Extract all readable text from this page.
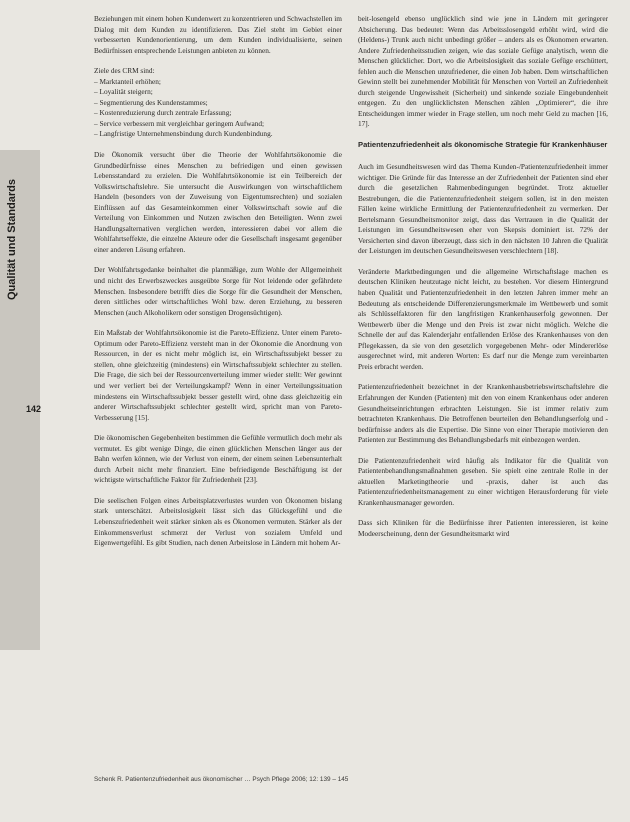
Qualität und Standards
142

Beziehungen mit einem hohen Kundenwert zu konzentrieren und Schwachstellen im Dialog mit dem Kunden zu identifizieren. Das Ziel steht im Gebiet einer verbesserten Kundenorientierung, um dem Kunden individualisierte, seinen Bedürfnissen entsprechende Leistungen anbieten zu können.

Ziele des CRM sind:

– Marktanteil erhöhen;
– Loyalität steigern;
– Segmentierung des Kundenstammes;
– Kostenreduzierung durch zentrale Erfassung;
– Service verbessern mit vergleichbar geringem Aufwand;
– Langfristige Unternehmensbindung durch Kundenbindung.

Die Ökonomik versucht über die Theorie der Wohlfahrtsökonomie die Grundbedürfnisse eines Menschen zu befriedigen und einen gewissen Lebensstandard zu erzielen. Die Wohlfahrtsökonomie ist ein Teilbereich der Volkswirtschaftslehre. Sie untersucht die Auswirkungen von wirtschaftlichem Handeln (besonders von der Zuweisung von Eigentumsrechten) und sozialen Einflüssen auf das Gesamteinkommen einer Volkswirtschaft sowie auf die Verteilung von Einkommen und Nutzen zwischen den Beteiligten. Wenn zwei Handlungsalternativen verglichen werden, interessieren dabei vor allem die Wohlfahrtseffekte, die einzelne Akteure oder die Gesellschaft insgesamt gegenüber einer anderen Lösung erfahren.

Der Wohlfahrtsgedanke beinhaltet die planmäßige, zum Wohle der Allgemeinheit und nicht des Erwerbszweckes ausgeübte Sorge für Not leidende oder gefährdete Menschen. Insbesondere betrifft dies die Sorge für die Gesundheit der Menschen, deren sittliches oder wirtschaftliches Wohl bzw. deren Erziehung, zu besseren Menschen (auch Alkoholikern oder sonstigen Drogensüchtigen).

Ein Maßstab der Wohlfahrtsökonomie ist die Pareto-Effizienz. Unter einem Pareto-Optimum oder Pareto-Effizienz versteht man in der Ökonomie die Anordnung von Ressourcen, in der es nicht mehr möglich ist, ein Wirtschaftssubjekt besser zu stellen, ohne gleichzeitig (mindestens) ein Wirtschaftssubjekt schlechter zu stellen. Die Frage, die sich bei der Ressourcenverteilung immer wieder stellt: Wer gewinnt und wer verliert bei der Verteilungskampf? Wenn in einer Verteilungssituation mindestens ein Wirtschaftssubjekt besser gestellt wird, ohne dass gleichzeitig ein anderer Wirtschaftssubjekt schlechter gestellt wird, spricht man von Pareto-Verbesserung [15].

Die ökonomischen Gegebenheiten bestimmen die Gefühle vermutlich doch mehr als vermutet. Es gibt wenige Dinge, die einen glücklichen Menschen länger aus der Bahn werfen können, wie der Verlust von einem, der einem seinen Lebensunterhalt durch Arbeit nicht mehr finanziert. Eine befriedigende Beschäftigung ist der wichtigste wirtschaftliche Faktor für Zufriedenheit [23].

Die seelischen Folgen eines Arbeitsplatzverlustes wurden von Ökonomen bislang stark unterschätzt. Arbeitslosigkeit lässt sich das Glücksgefühl und die Lebenszufriedenheit weit stärker sinken als es Ökonomen vermuten. Stärker als der Einkommensverlust schmerzt der Verlust von sozialem Umfeld und Eigenwertgefühl. Es gibt Studien, nach denen Arbeitslose in Ländern mit hohem Ar-

beit-losengeld ebenso unglücklich sind wie jene in Ländern mit geringerer Absicherung. Das bedeutet: Wenn das Arbeitsslosengeld erhöht wird, wird die (Heldens-) Trunk auch nicht unbedingt größer – anders als es Ökonomen erwarten. Andere Zufriedenheitsstudien zeigen, wie das soziale Gefüge analytisch, wenn die Menschen glücklicher. Dort, wo die Arbeitslosigkeit das soziale Gefüge erschüttert, fehlen auch die Menschen unzufriedener, die einen Job haben. Dem wirtschaftlichen Gewinn stellt bei zunehmender Mobilität für Menschen von Vorteil an Zufriedenheit durch steigende Ungewissheit (Sicherheit) und sinkende soziale Eingebundenheit entgegen. Zu den unglücklichsten Menschen zählen „Optimierer“, die ihre Entscheidungen immer wieder in Frage stellen, um noch mehr Geld zu machen [16, 17].

Patientenzufriedenheit als ökonomische Strategie für Krankenhäuser

Auch im Gesundheitswesen wird das Thema Kunden-/Patientenzufriedenheit immer wichtiger. Die Gründe für das Interesse an der Zufriedenheit der Patienten sind eher durch die gesetzlichen Rahmenbedingungen begründet. Trotz aktueller Bestrebungen, die die Patientenzufriedenheit steigern sollen, ist in den meisten Fällen keine wirkliche Ermittlung der Patientenzufriedenheit zu vermerken. Der Bertelsmann Gesundheitsmonitor zeigt, dass das Vertrauen in die Qualität der Leistungen im Gesundheitswesen eher von Skepsis dominiert ist. 72% der Versicherten sind davon überzeugt, dass sich in den nächsten 10 Jahren die Qualität der Leistungen im deutschen Gesundheitswesen verschlechtern [18].

Veränderte Marktbedingungen und die allgemeine Wirtschaftslage machen es deutschen Kliniken heutzutage nicht leicht, zu bestehen. Vor diesem Hintergrund haben Qualität und Patientenzufriedenheit in den letzten Jahren immer mehr an Bedeutung als entscheidende Differenzierungsmerkmale im Wettbewerb und somit als Schlüsselfaktoren für den langfristigen Krankenhauserfolg gewonnen. Der Wettbewerb über die Menge und den Preis ist zwar nicht möglich. Welche die Schnelle der auf das Kalenderjahr entfallenden Erlöse des Krankenhauses von den Pflegekassen, da sie von den gesetzlich vorgegebenen Mehr- oder Mindererlöse ausgerechnet wird, mit anderen Worten: Es darf nur die Menge zum vereinbarten Preis erbracht werden.

Patientenzufriedenheit bezeichnet in der Krankenhausbetriebswirtschaftslehre die Erfahrungen der Kunden (Patienten) mit den von einem Krankenhaus oder anderen Gesundheitseinrichtungen erbrachten Leistungen. Sie ist immer relativ zum betrachteten Krankenhaus. Die Betroffenen beurteilen den Behandlungserfolg und -bedürfnisse anders als die Expertise. Die Sinne von einer Therapie motivieren den Patienten zur Bestimmung des Behandlungsbedarfs mit einbezogen werden.

Die Patientenzufriedenheit wird häufig als Indikator für die Qualität von Patientenbehandlungsmaßnahmen gesehen. Sie spielt eine zentrale Rolle in der aktuellen Marketingtheorie und -praxis, daher ist auch das Patientenzufriedenheitsmanagement zu einer wichtigen Herausforderung für viele Krankenhausmanager geworden.

Dass sich Kliniken für die Bedürfnisse ihrer Patienten interessieren, ist keine Modeerscheinung, denn der Gesundheitsmarkt wird

Schenk R. Patientenzufriedenheit aus ökonomischer … Psych Pflege 2006; 12: 139 – 145
